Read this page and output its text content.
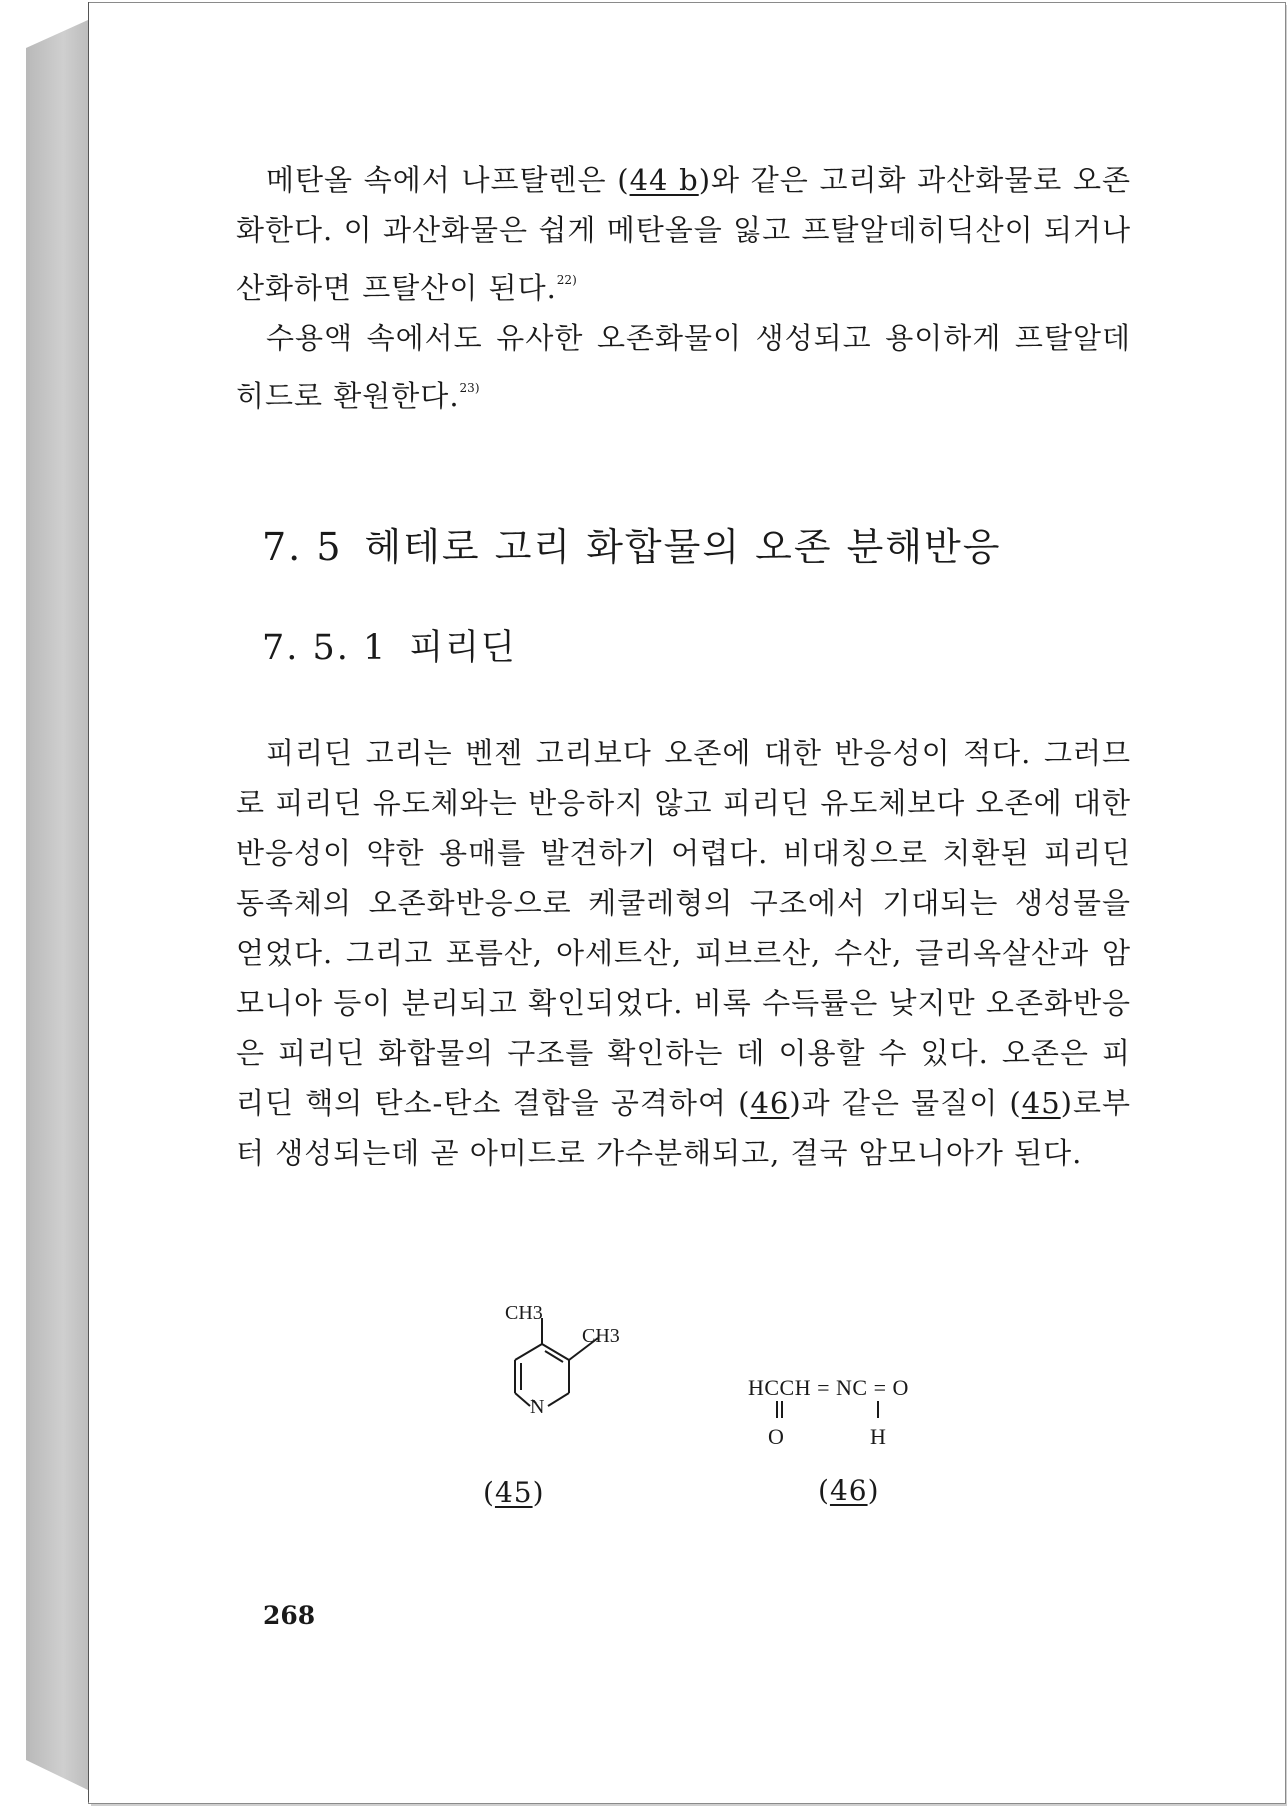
메탄올 속에서 나프탈렌은 (44 b)와 같은 고리화 과산화물로 오존화한다. 이 과산화물은 쉽게 메탄올을 잃고 프탈알데히딕산이 되거나 산화하면 프탈산이 된다.$^{22)}$

수용액 속에서도 유사한 오존화물이 생성되고 용이하게 프탈알데히드로 환원한다.$^{23)}$

7. 5 헤테로 고리 화합물의 오존 분해반응
7. 5. 1 피리딘

피리딘 고리는 벤젠 고리보다 오존에 대한 반응성이 적다. 그러므로 피리딘 유도체와는 반응하지 않고 피리딘 유도체보다 오존에 대한 반응성이 약한 용매를 발견하기 어렵다. 비대칭으로 치환된 피리딘 동족체의 오존화반응으로 케쿨레형의 구조에서 기대되는 생성물을 얻었다. 그리고 포름산, 아세트산, 피브르산, 수산, 글리옥살산과 암모니아 등이 분리되고 확인되었다. 비록 수득률은 낮지만 오존화반응은 피리딘 화합물의 구조를 확인하는 데 이용할 수 있다. 오존은 피리딘 핵의 탄소-탄소 결합을 공격하여 (46)과 같은 물질이 (45)로부터 생성되는데 곧 아미드로 가수분해되고, 결국 암모니아가 된다.

CH3
CH3
N
(45)
HCCH = NC = O
O	H
(46)
268
